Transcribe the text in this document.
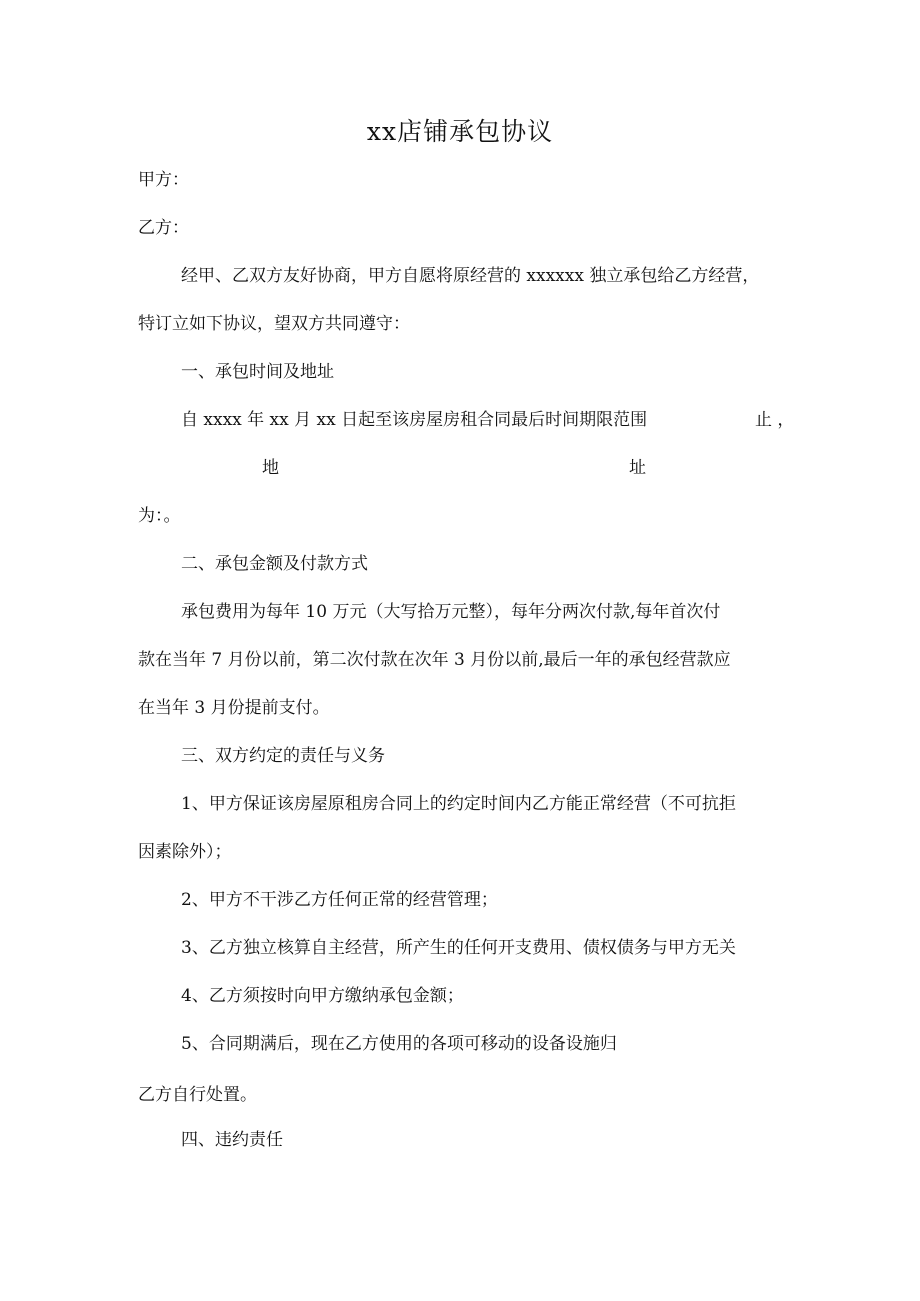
xx店铺承包协议
甲方：
乙方：
经甲、乙双方友好协商，甲方自愿将原经营的 xxxxxx 独立承包给乙方经营，
特订立如下协议，望双方共同遵守：
一、承包时间及地址
自 xxxx 年 xx 月 xx 日起至该房屋房租合同最后时间期限范围	止 ，
地	址
为：。
二、承包金额及付款方式
承包费用为每年 10 万元（大写拾万元整），每年分两次付款,每年首次付
款在当年 7 月份以前，第二次付款在次年 3 月份以前,最后一年的承包经营款应
在当年 3 月份提前支付。
三、双方约定的责任与义务
1、甲方保证该房屋原租房合同上的约定时间内乙方能正常经营（不可抗拒
因素除外）；
2、甲方不干涉乙方任何正常的经营管理；
3、乙方独立核算自主经营，所产生的任何开支费用、债权债务与甲方无关
4、乙方须按时向甲方缴纳承包金额；
5、合同期满后，现在乙方使用的各项可移动的设备设施归
乙方自行处置。
四、违约责任
